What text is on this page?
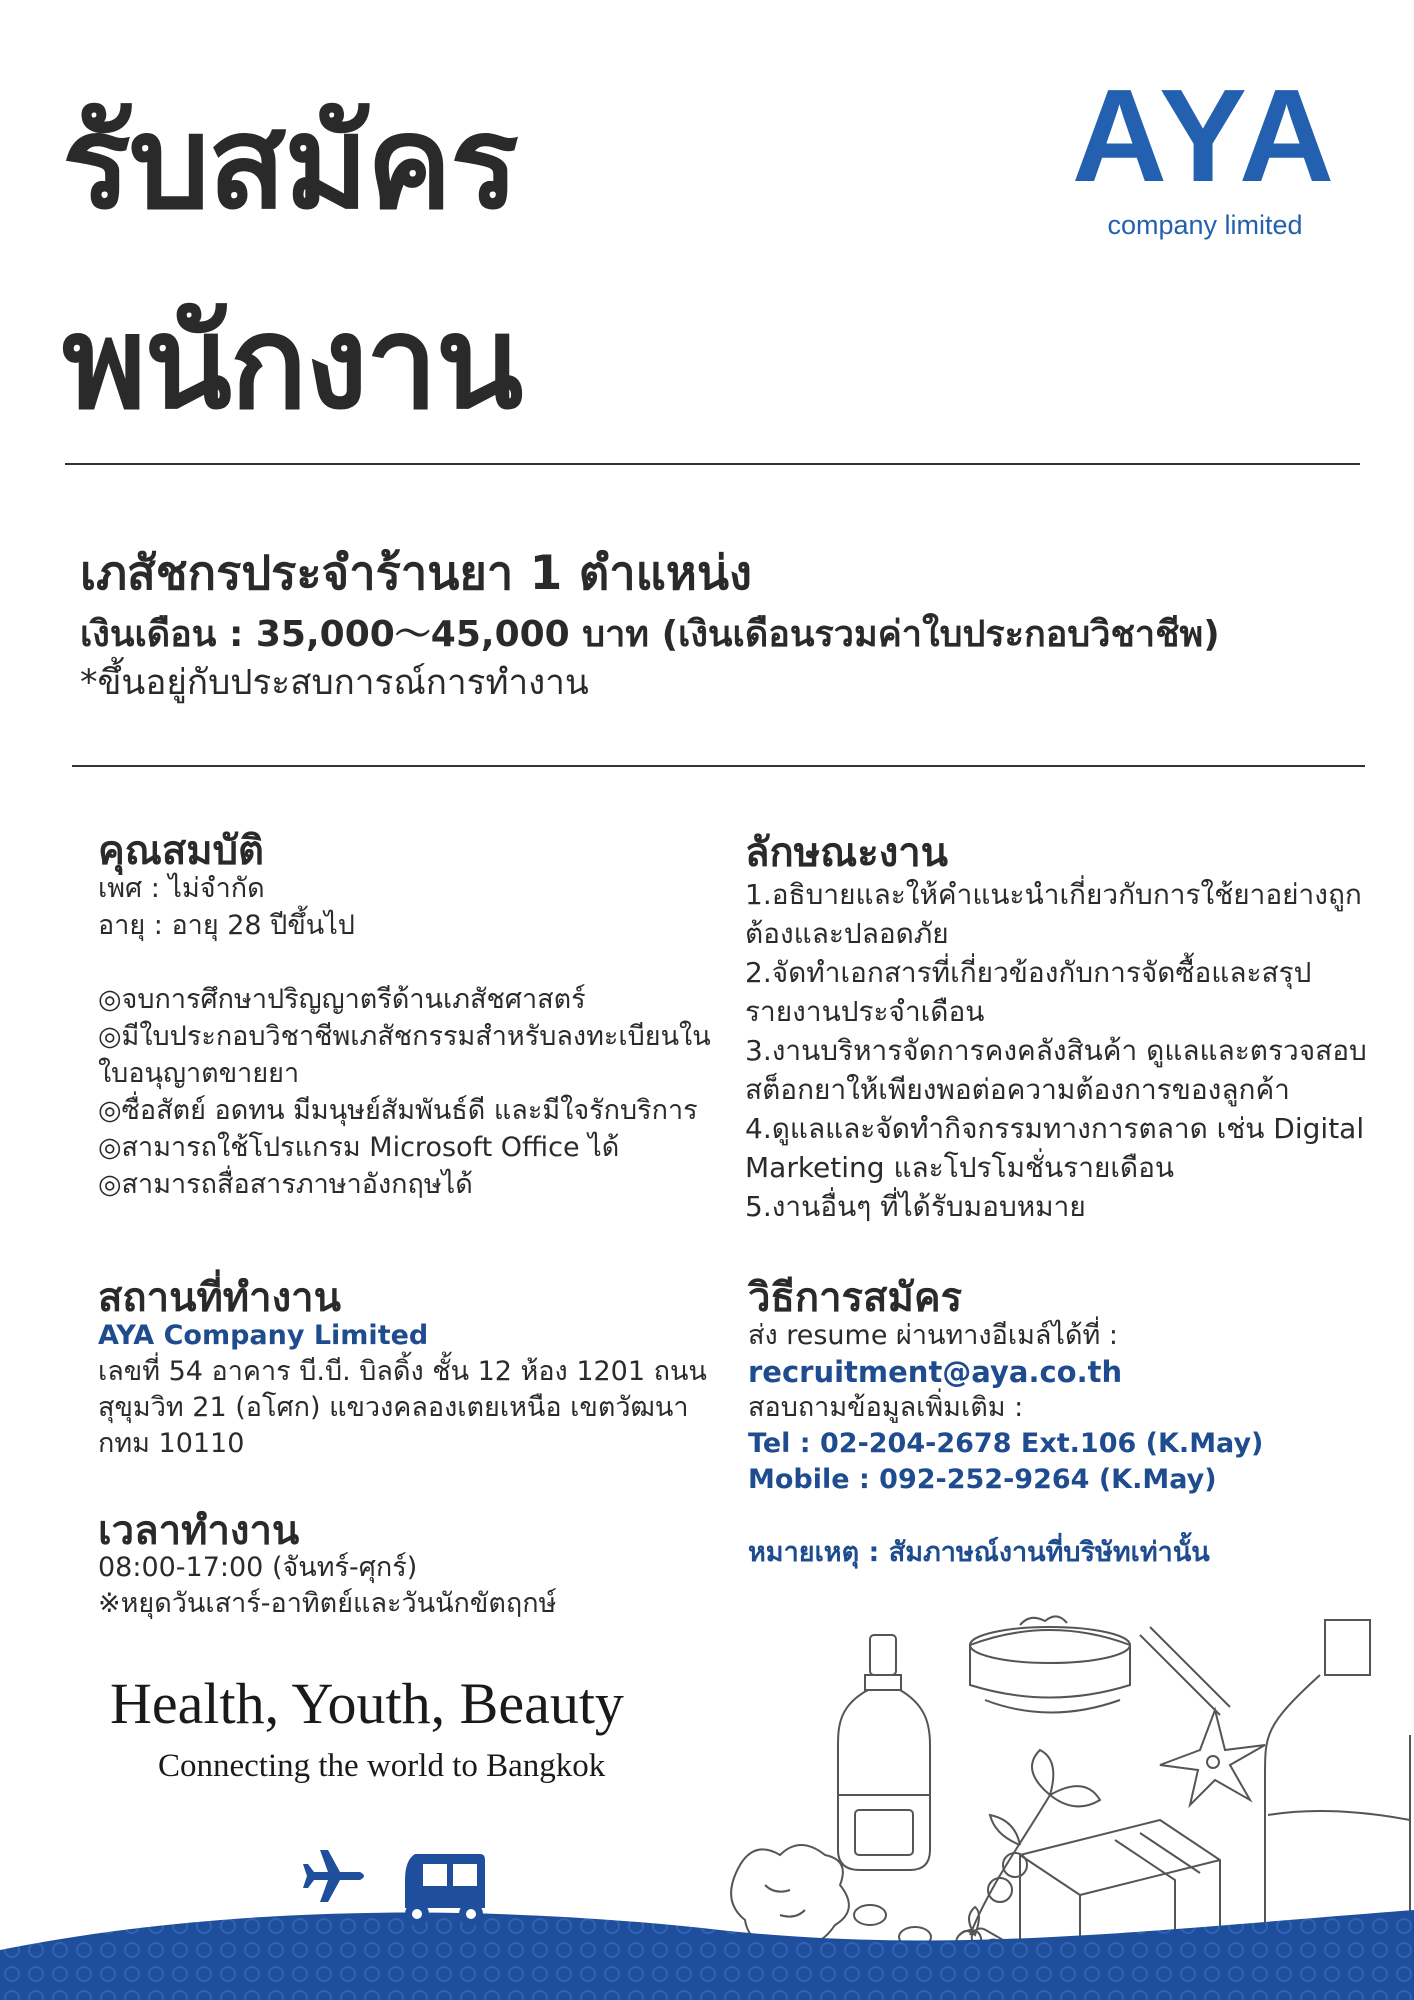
รับสมัคร
พนักงาน
AYA
company limited
เภสัชกรประจำร้านยา 1 ตำแหน่ง
เงินเดือน : 35,000〜45,000 บาท (เงินเดือนรวมค่าใบประกอบวิชาชีพ)
*ขึ้นอยู่กับประสบการณ์การทำงาน
คุณสมบัติ
เพศ : ไม่จำกัด
อายุ : อายุ 28 ปีขึ้นไป
◎จบการศึกษาปริญญาตรีด้านเภสัชศาสตร์
◎มีใบประกอบวิชาชีพเภสัชกรรมสำหรับลงทะเบียนใน
ใบอนุญาตขายยา
◎ซื่อสัตย์ อดทน มีมนุษย์สัมพันธ์ดี และมีใจรักบริการ
◎สามารถใช้โปรแกรม Microsoft Office ได้
◎สามารถสื่อสารภาษาอังกฤษได้
ลักษณะงาน
1.อธิบายและให้คำแนะนำเกี่ยวกับการใช้ยาอย่างถูก
ต้องและปลอดภัย
2.จัดทำเอกสารที่เกี่ยวข้องกับการจัดซื้อและสรุป
รายงานประจำเดือน
3.งานบริหารจัดการคงคลังสินค้า ดูแลและตรวจสอบ
สต็อกยาให้เพียงพอต่อความต้องการของลูกค้า
4.ดูแลและจัดทำกิจกรรมทางการตลาด เช่น Digital
Marketing และโปรโมชั่นรายเดือน
5.งานอื่นๆ ที่ได้รับมอบหมาย
สถานที่ทำงาน
AYA Company Limited
เลขที่ 54 อาคาร บี.บี. บิลดิ้ง ชั้น 12 ห้อง 1201 ถนน
สุขุมวิท 21 (อโศก) แขวงคลองเตยเหนือ เขตวัฒนา
กทม 10110
เวลาทำงาน
08:00-17:00 (จันทร์-ศุกร์)
※หยุดวันเสาร์-อาทิตย์และวันนักขัตฤกษ์
วิธีการสมัคร
ส่ง resume ผ่านทางอีเมล์ได้ที่ :
recruitment@aya.co.th
สอบถามข้อมูลเพิ่มเติม :
Tel : 02-204-2678 Ext.106 (K.May)
Mobile : 092-252-9264 (K.May)
หมายเหตุ : สัมภาษณ์งานที่บริษัทเท่านั้น
Health, Youth, Beauty
Connecting the world to Bangkok
